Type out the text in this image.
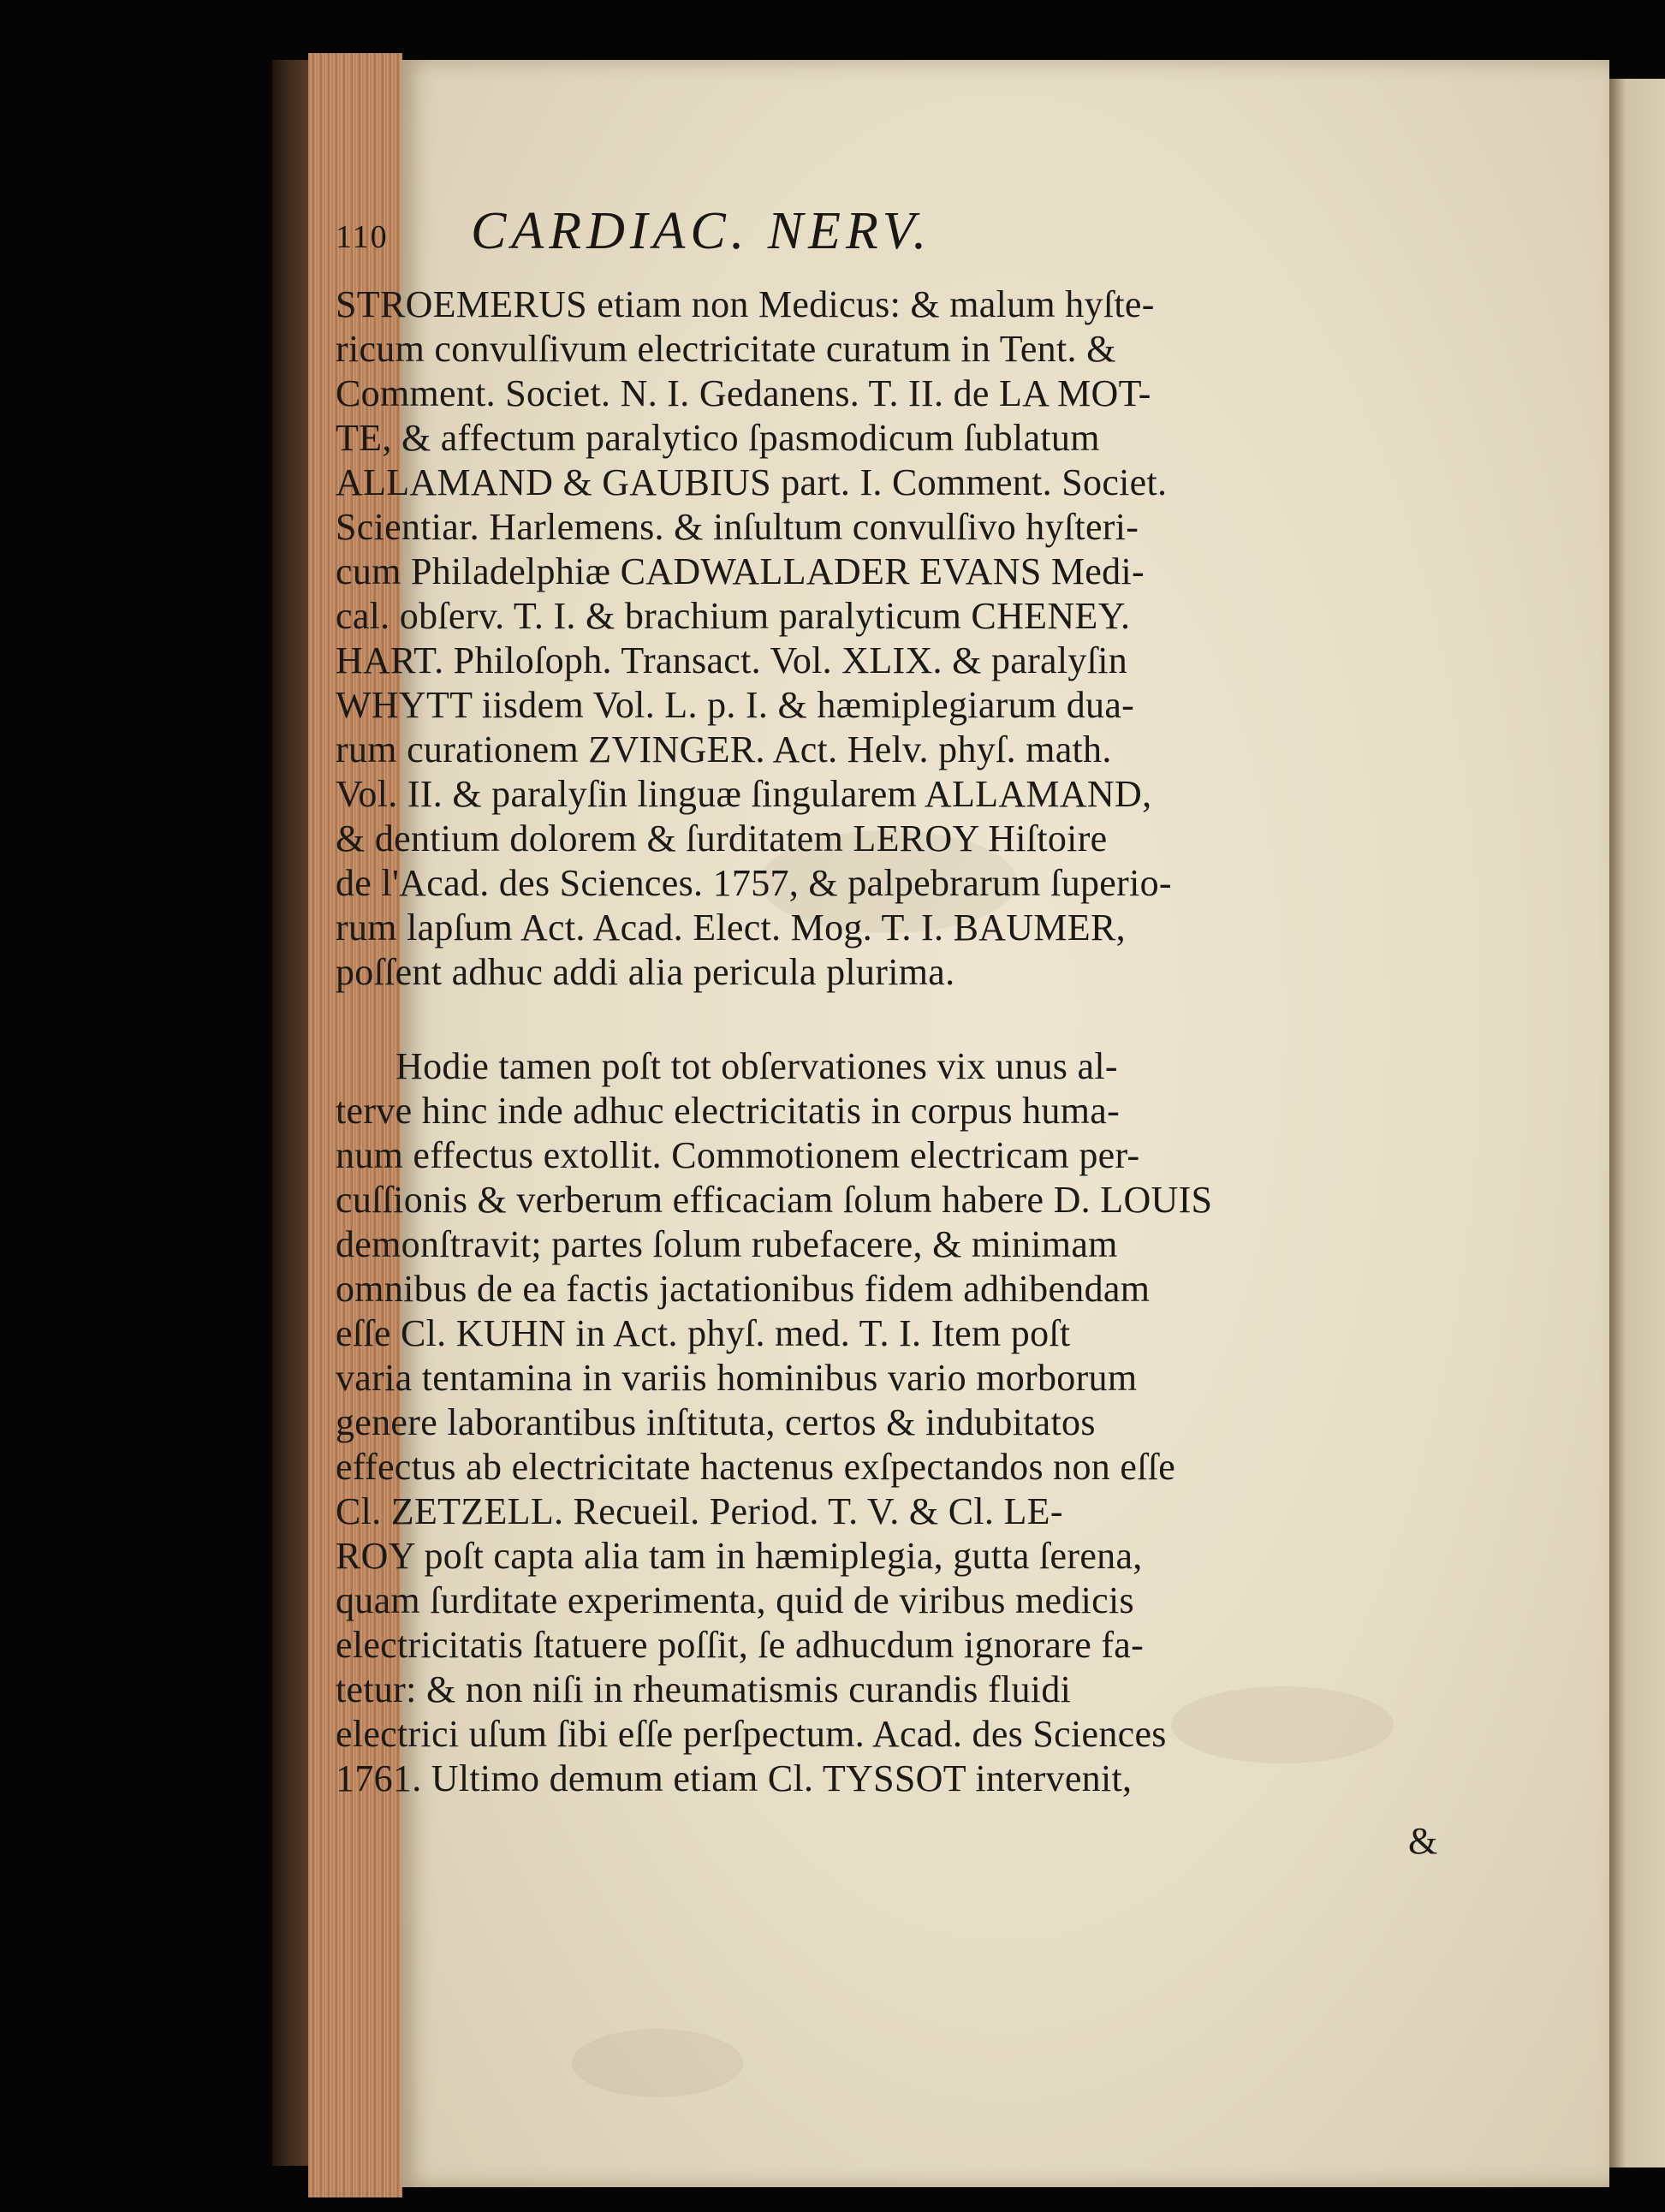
110 CARDIAC. NERV.
STROEMERUS etiam non Medicus: & malum hyſte-
ricum convulſivum electricitate curatum in Tent. &
Comment. Societ. N. I. Gedanens. T. II. de LA MOT-
TE, & affectum paralytico ſpasmodicum ſublatum
ALLAMAND & GAUBIUS part. I. Comment. Societ.
Scientiar. Harlemens. & inſultum convulſivo hyſteri-
cum Philadelphiæ CADWALLADER EVANS Medi-
cal. obſerv. T. I. & brachium paralyticum CHENEY.
HART. Philoſoph. Transact. Vol. XLIX. & paralyſin
WHYTT iisdem Vol. L. p. I. & hæmiplegiarum dua-
rum curationem ZVINGER. Act. Helv. phyſ. math.
Vol. II. & paralyſin linguæ ſingularem ALLAMAND,
& dentium dolorem & ſurditatem LEROY Hiſtoire
de l'Acad. des Sciences. 1757, & palpebrarum ſuperio-
rum lapſum Act. Acad. Elect. Mog. T. I. BAUMER,
poſſent adhuc addi alia pericula plurima.
Hodie tamen poſt tot obſervationes vix unus al-
terve hinc inde adhuc electricitatis in corpus huma-
num effectus extollit. Commotionem electricam per-
cuſſionis & verberum efficaciam ſolum habere D. LOUIS
demonſtravit; partes ſolum rubefacere, & minimam
omnibus de ea factis jactationibus fidem adhibendam
eſſe Cl. KUHN in Act. phyſ. med. T. I. Item poſt
varia tentamina in variis hominibus vario morborum
genere laborantibus inſtituta, certos & indubitatos
effectus ab electricitate hactenus exſpectandos non eſſe
Cl. ZETZELL. Recueil. Period. T. V. & Cl. LE-
ROY poſt capta alia tam in hæmiplegia, gutta ſerena,
quam ſurditate experimenta, quid de viribus medicis
electricitatis ſtatuere poſſit, ſe adhucdum ignorare fa-
tetur: & non niſi in rheumatismis curandis fluidi
electrici uſum ſibi eſſe perſpectum. Acad. des Sciences
1761. Ultimo demum etiam Cl. TYSSOT intervenit,
&
